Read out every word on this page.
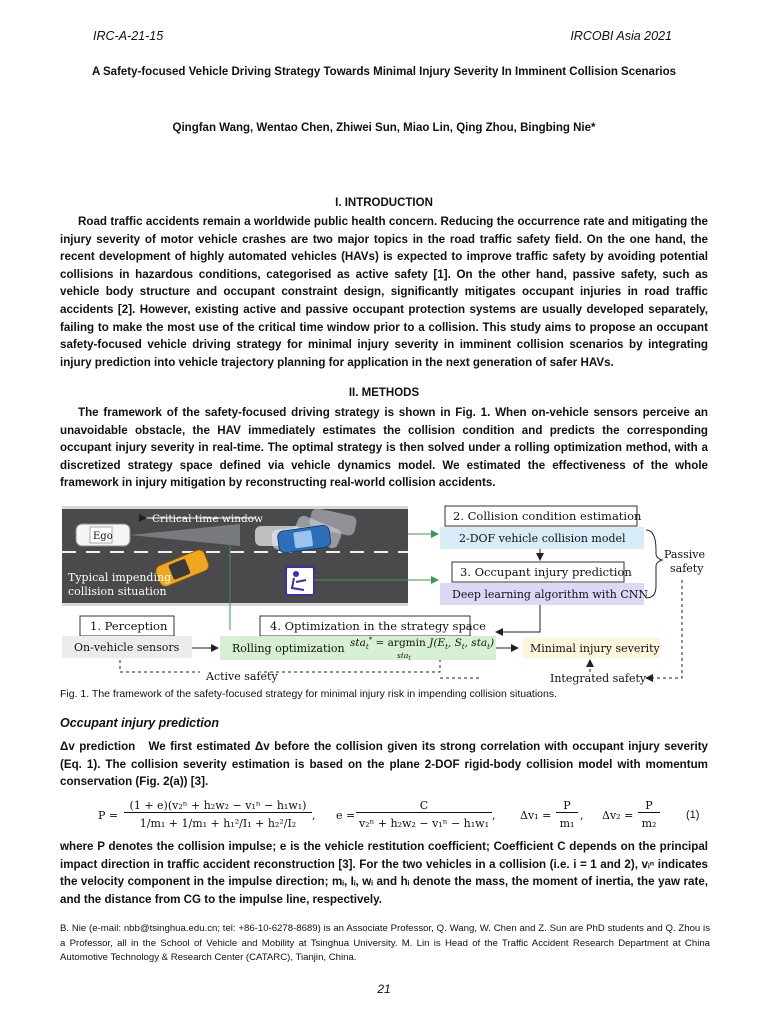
IRC-A-21-15	IRCOBI Asia 2021
A Safety-focused Vehicle Driving Strategy Towards Minimal Injury Severity In Imminent Collision Scenarios
Qingfan Wang, Wentao Chen, Zhiwei Sun, Miao Lin, Qing Zhou, Bingbing Nie*
I. INTRODUCTION

Road traffic accidents remain a worldwide public health concern. Reducing the occurrence rate and mitigating the injury severity of motor vehicle crashes are two major topics in the road traffic safety field. On the one hand, the recent development of highly automated vehicles (HAVs) is expected to improve traffic safety by avoiding potential collisions in hazardous conditions, categorised as active safety [1]. On the other hand, passive safety, such as vehicle body structure and occupant constraint design, significantly mitigates occupant injuries in road traffic accidents [2]. However, existing active and passive occupant protection systems are usually developed separately, failing to make the most use of the critical time window prior to a collision. This study aims to propose an occupant safety-focused vehicle driving strategy for minimal injury severity in imminent collision scenarios by integrating injury prediction into vehicle trajectory planning for application in the next generation of safer HAVs.

II. METHODS

The framework of the safety-focused driving strategy is shown in Fig. 1. When on-vehicle sensors perceive an unavoidable obstacle, the HAV immediately estimates the collision condition and predicts the corresponding occupant injury severity in real-time. The optimal strategy is then solved under a rolling optimization method, with a discretized strategy space defined via vehicle dynamics model. We estimated the effectiveness of the whole framework in injury mitigation by reconstructing real-world collision accidents.

Ego
Critical time window
Typical impending
collision situation
2. Collision condition estimation
2-DOF vehicle collision model
3. Occupant injury prediction
Deep learning algorithm with CNN
Passive
safety
1. Perception
On-vehicle sensors
4. Optimization in the strategy space
Rolling optimization sta$_t$* = argmin $J(E_t$, $S_t$, sta$_t$)
sta$_t$
Minimal injury severity
Active safety	Integrated safety
Fig. 1. The framework of the safety-focused strategy for minimal injury risk in impending collision situations.
Occupant injury prediction

Δv prediction We first estimated Δv before the collision given its strong correlation with occupant injury severity (Eq. 1). The collision severity estimation is based on the plane 2-DOF rigid-body collision model with momentum conservation (Fig. 2(a)) [3].

P =
(1 + e)(v₂ⁿ + h₂w₂ − v₁ⁿ − h₁w₁)
1/m₁ + 1/m₁ + h₁²/I₁ + h₂²/I₂
, e =
C
v₂ⁿ + h₂w₂ − v₁ⁿ − h₁w₁
, Δv₁ =
P
m₁
, Δv₂ =
P
m₂
(1)

where P denotes the collision impulse; e is the vehicle restitution coefficient; Coefficient C depends on the principal impact direction in traffic accident reconstruction [3]. For the two vehicles in a collision (i.e. i = 1 and 2), vᵢⁿ indicates the velocity component in the impulse direction; mᵢ, Iᵢ, wᵢ and hᵢ denote the mass, the moment of inertia, the yaw rate, and the distance from CG to the impulse line, respectively.

B. Nie (e-mail: nbb@tsinghua.edu.cn; tel: +86-10-6278-8689) is an Associate Professor, Q. Wang, W. Chen and Z. Sun are PhD students and Q. Zhou is a Professor, all in the School of Vehicle and Mobility at Tsinghua University. M. Lin is Head of the Traffic Accident Research Department at China Automotive Technology & Research Center (CATARC), Tianjin, China.

21
